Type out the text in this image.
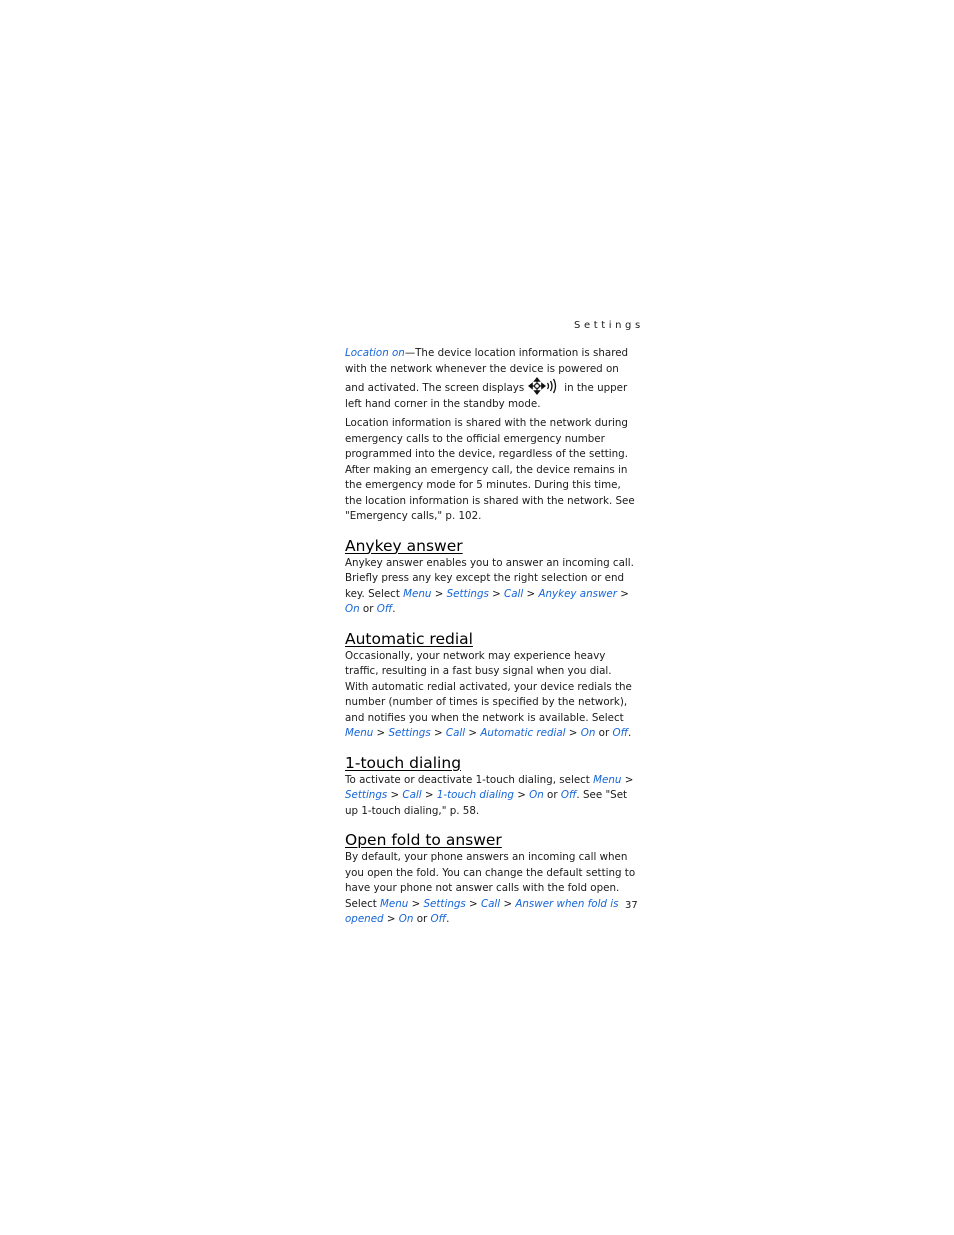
Settings

Location on—The device location information is shared with the network whenever the device is powered on and activated. The screen displays	in the upper left hand corner in the standby mode.

Location information is shared with the network during emergency calls to the official emergency number programmed into the device, regardless of the setting. After making an emergency call, the device remains in the emergency mode for 5 minutes. During this time, the location information is shared with the network. See "Emergency calls," p. 102.

Anykey answer

Anykey answer enables you to answer an incoming call. Briefly press any key except the right selection or end key. Select Menu > Settings > Call > Anykey answer > On or Off.

Automatic redial

Occasionally, your network may experience heavy traffic, resulting in a fast busy signal when you dial. With automatic redial activated, your device redials the number (number of times is specified by the network), and notifies you when the network is available. Select Menu > Settings > Call > Automatic redial > On or Off.

1-touch dialing

To activate or deactivate 1-touch dialing, select Menu > Settings > Call > 1-touch dialing > On or Off. See "Set up 1-touch dialing," p. 58.

Open fold to answer

By default, your phone answers an incoming call when you open the fold. You can change the default setting to have your phone not answer calls with the fold open. Select Menu > Settings > Call > Answer when fold is opened > On or Off.

37
